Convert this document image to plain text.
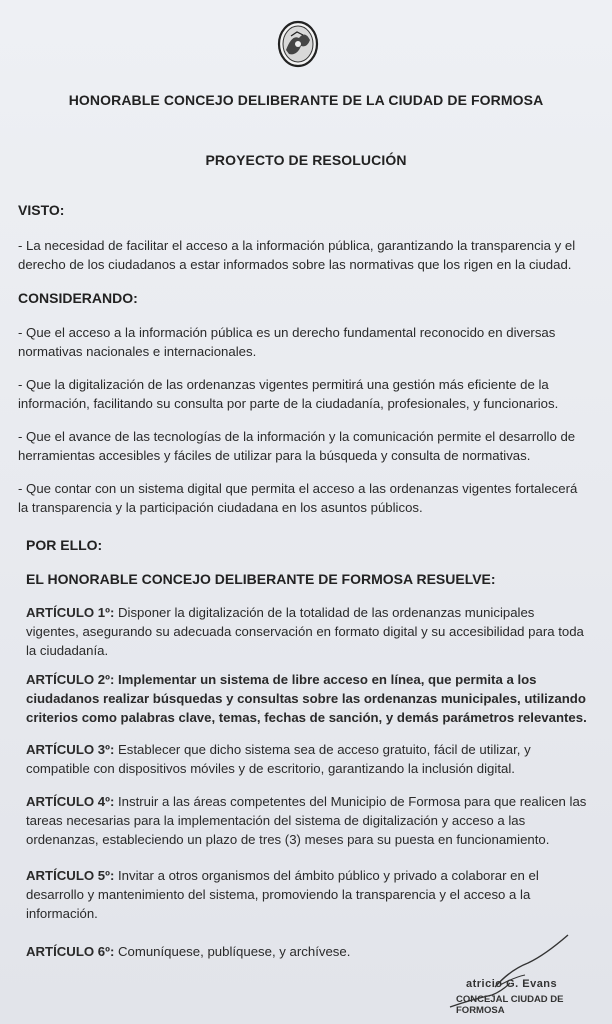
HONORABLE CONCEJO DELIBERANTE DE LA CIUDAD DE FORMOSA
PROYECTO DE RESOLUCIÓN
VISTO:
- La necesidad de facilitar el acceso a la información pública, garantizando la transparencia y el
derecho de los ciudadanos a estar informados sobre las normativas que los rigen en la ciudad.
CONSIDERANDO:
- Que el acceso a la información pública es un derecho fundamental reconocido en diversas
normativas nacionales e internacionales.
- Que la digitalización de las ordenanzas vigentes permitirá una gestión más eficiente de la
información, facilitando su consulta por parte de la ciudadanía, profesionales, y funcionarios.
- Que el avance de las tecnologías de la información y la comunicación permite el desarrollo de
herramientas accesibles y fáciles de utilizar para la búsqueda y consulta de normativas.
- Que contar con un sistema digital que permita el acceso a las ordenanzas vigentes fortalecerá
la transparencia y la participación ciudadana en los asuntos públicos.
POR ELLO:
EL HONORABLE CONCEJO DELIBERANTE DE FORMOSA RESUELVE:
ARTÍCULO 1º: Disponer la digitalización de la totalidad de las ordenanzas municipales
vigentes, asegurando su adecuada conservación en formato digital y su accesibilidad para toda
la ciudadanía.
ARTÍCULO 2º: Implementar un sistema de libre acceso en línea, que permita a los
ciudadanos realizar búsquedas y consultas sobre las ordenanzas municipales, utilizando
criterios como palabras clave, temas, fechas de sanción, y demás parámetros relevantes.
ARTÍCULO 3º: Establecer que dicho sistema sea de acceso gratuito, fácil de utilizar, y
compatible con dispositivos móviles y de escritorio, garantizando la inclusión digital.
ARTÍCULO 4º: Instruir a las áreas competentes del Municipio de Formosa para que realicen las
tareas necesarias para la implementación del sistema de digitalización y acceso a las
ordenanzas, estableciendo un plazo de tres (3) meses para su puesta en funcionamiento.
ARTÍCULO 5º: Invitar a otros organismos del ámbito público y privado a colaborar en el
desarrollo y mantenimiento del sistema, promoviendo la transparencia y el acceso a la
información.
ARTÍCULO 6º: Comuníquese, publíquese, y archívese.
atricio G. Evans
CONCEJAL CIUDAD DE FORMOSA
